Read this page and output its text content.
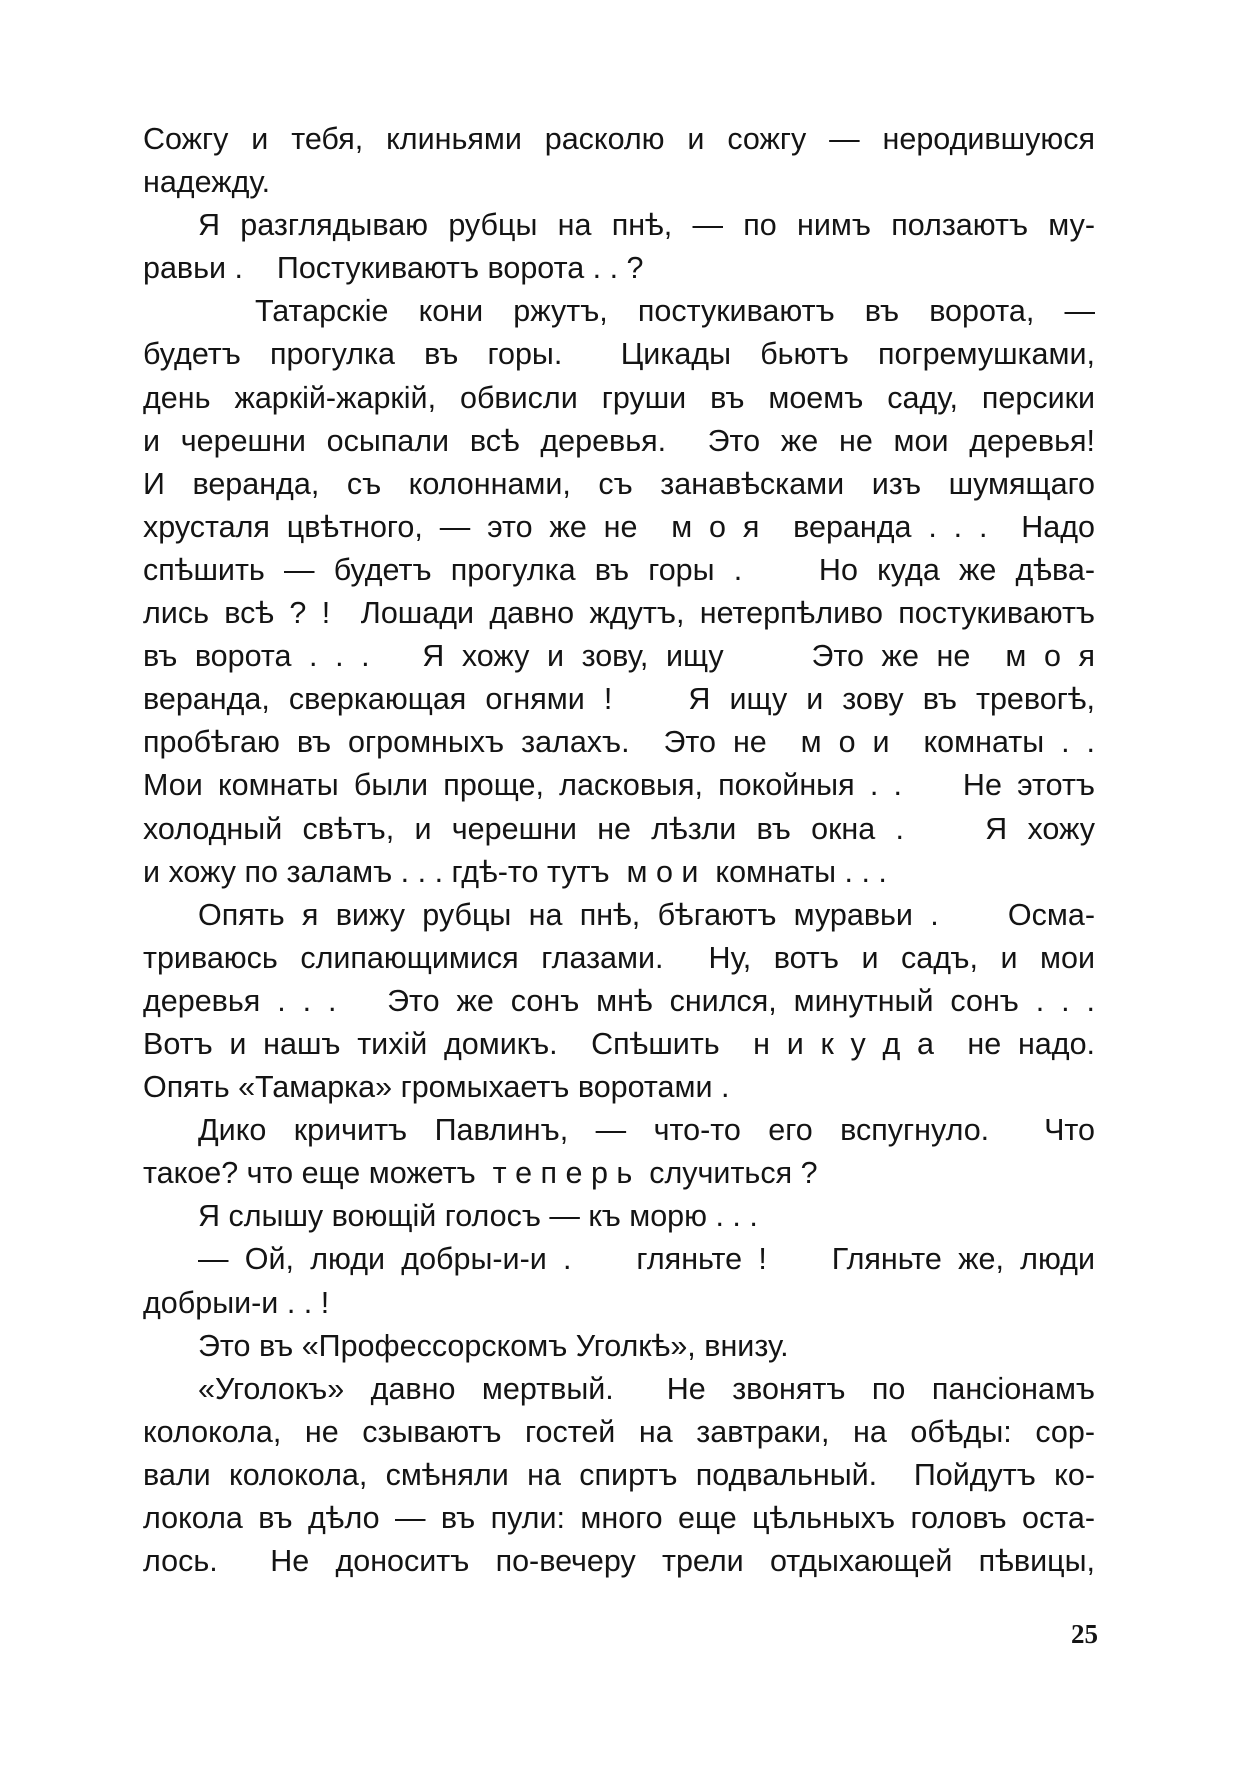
Сожгу и тебя, клиньями расколю и сожгу — неродившуюся
надежду.
Я разглядываю рубцы на пнѣ, — по нимъ ползаютъ му-
равьи .    Постукиваютъ ворота . . ?
Татарскіе кони ржутъ, постукиваютъ въ ворота, —
будетъ прогулка въ горы.  Цикады бьютъ погремушками,
день жаркій-жаркій, обвисли груши въ моемъ саду, персики
и черешни осыпали всѣ деревья.  Это же не мои деревья!
И веранда, съ колоннами, съ занавѣсками изъ шумящаго
хрусталя цвѣтного, — это же не  м о я  веранда . . .  Надо
спѣшить — будетъ прогулка въ горы .    Но куда же дѣва-
лись всѣ ? !  Лошади давно ждутъ, нетерпѣливо постукиваютъ
въ ворота . . .   Я хожу и зову, ищу     Это же не  м о я
веранда, сверкающая огнями !    Я ищу и зову въ тревогѣ,
пробѣгаю въ огромныхъ залахъ.  Это не  м о и  комнаты . .
Мои комнаты были проще, ласковыя, покойныя . .    Не этотъ
холодный свѣтъ, и черешни не лѣзли въ окна .    Я хожу
и хожу по заламъ . . . гдѣ-то тутъ  м о и  комнаты . . .
Опять я вижу рубцы на пнѣ, бѣгаютъ муравьи .    Осма-
триваюсь слипающимися глазами.  Ну, вотъ и садъ, и мои
деревья . . .   Это же сонъ мнѣ снился, минутный сонъ . . .
Вотъ и нашъ тихій домикъ.  Спѣшить  н и к у д а  не надо.
Опять «Тамарка» громыхаетъ воротами .
Дико кричитъ Павлинъ, — что-то его вспугнуло.  Что
такое? что еще можетъ  т е п е р ь  случиться ?
Я слышу воющій голосъ — къ морю . . .
— Ой, люди добры-и-и .    гляньте !    Гляньте же, люди
добрыи-и . . !
Это въ «Профессорскомъ Уголкѣ», внизу.
«Уголокъ» давно мертвый.  Не звонятъ по пансіонамъ
колокола, не сзываютъ гостей на завтраки, на обѣды: сор-
вали колокола, смѣняли на спиртъ подвальный.  Пойдутъ ко-
локола въ дѣло — въ пули: много еще цѣльныхъ головъ оста-
лось.  Не доноситъ по-вечеру трели отдыхающей пѣвицы,
25
